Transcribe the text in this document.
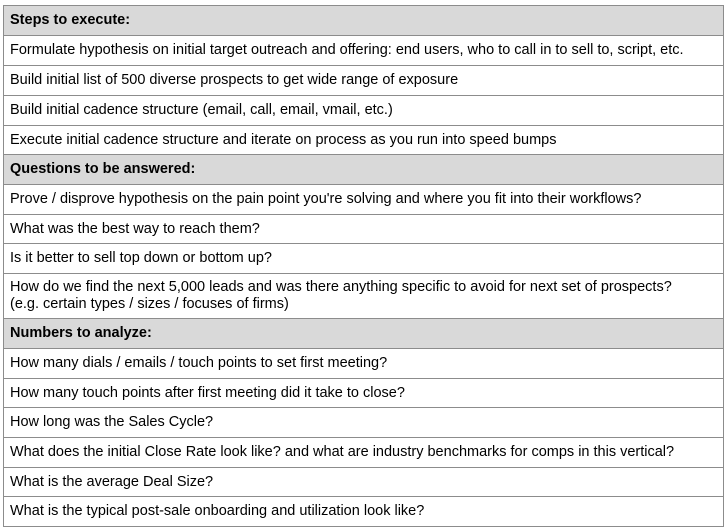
Steps to execute:
Formulate hypothesis on initial target outreach and offering: end users, who to call in to sell to, script, etc.
Build initial list of 500 diverse prospects to get wide range of exposure
Build initial cadence structure (email, call, email, vmail, etc.)
Execute initial cadence structure and iterate on process as you run into speed bumps
Questions to be answered:
Prove / disprove hypothesis on the pain point you're solving and where you fit into their workflows?
What was the best way to reach them?
Is it better to sell top down or bottom up?
How do we find the next 5,000 leads and was there anything specific to avoid for next set of prospects?
(e.g. certain types / sizes / focuses of firms)
Numbers to analyze:
How many dials / emails / touch points to set first meeting?
How many touch points after first meeting did it take to close?
How long was the Sales Cycle?
What does the initial Close Rate look like? and what are industry benchmarks for comps in this vertical?
What is the average Deal Size?
What is the typical post-sale onboarding and utilization look like?
